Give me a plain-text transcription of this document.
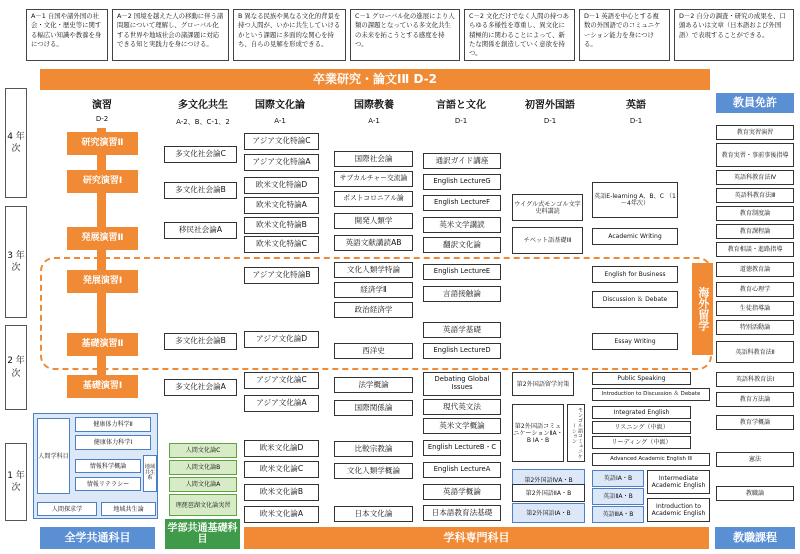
A－1 自国や諸外国の社会・文化・歴史等に関する幅広い知識や教養を身につける。
A－2 国境を越えた人の移動に伴う諸問題について理解し、グローバル化する世界や地域社会の諸課題に対応できる知と実践力を身につける。
B 異なる民族や異なる文化的背景を持つ人間が、いかに共生していけるかという課題に多面的な関心を持ち、自らの見解を形成できる。
C－1 グローバル化の進展により人類の課題となっている多文化共生の未来を拓こうとする感度を持つ。
C－2 文化だけでなく人間の持つあらゆる多様性を尊重し、異文化に積極的に関わることによって、新たな関係を創造していく意欲を持つ。
D－1 英語を中心とする複数の外国語でのコミュニケーション能力を身につける。
D－2 自分の調査・研究の成果を、口頭あるいは文章（日本語および外国語）で表現することができる。
卒業研究・論文ⅠⅡ D-2
4 年 次
3 年 次
2 年 次
1 年 次
演習
D-2
多文化共生
A-2、B、C-1、2
国際文化論
A-1
国際教養
A-1
言語と文化
D-1
初習外国語
D-1
英語
D-1
教員免許
研究演習Ⅱ
研究演習Ⅰ
発展演習Ⅱ
発展演習Ⅰ
基礎演習Ⅱ
基礎演習Ⅰ
多文化社会論C
多文化社会論B
移民社会論A
多文化社会論B
多文化社会論A
アジア文化特論C
アジア文化特論A
欧米文化特論D
欧米文化特論A
欧米文化特論B
欧米文化特論C
アジア文化特論B
アジア文化論D
アジア文化論C
アジア文化論A
欧米文化論D
欧米文化論C
欧米文化論B
欧米文化論A
国際社会論
サブカルチャー交流論
ポストコロニアル論
開発人類学
英語文献講読AB
文化人類学特論
経済学Ⅱ
政治経済学
西洋史
法学概論
国際関係論
比較宗教論
文化人類学概論
日本文化論
通訳ガイド講座
English LectureG
English LectureF
英米文学講読
翻訳文化論
English LectureE
言語接触論
英語学基礎
English LectureD
Debating Global Issues
現代英文法
英米文学概論
English LectureB・C
English LectureA
英語学概論
日本語教育法基礎
ウイグル式モンゴル文字史料講読
チベット語基礎ⅠⅡ
第2外国語留学対策
第2外国語コミュニケーションⅡA・B ⅠA・B	モンゴル語コミュニケーション
第2外国語ⅣA・B
第2外国語ⅡA・B
第2外国語ⅠA・B
英語E-learning A、B、C （1～4年次）
Academic Writing
English for Business
Discussion ＆ Debate
Essay Writing
Public Speaking
Introduction to Discussion ＆ Debate
Integrated English
リスニング（中級）
リーディング（中級）
Advanced Academic English ⅠⅡ
英語ⅠA・B
英語ⅡA・B
英語ⅢA・B
Intermediate Academic English
Introduction to Academic English
海外留学
教育実習演習
教育実習・事前事後指導
英語科教育法Ⅳ
英語科教育法Ⅲ
教育制度論
教育課程論
教育相談・進路指導
道徳教育論
教育心理学
生徒指導論
特別活動論
英語科教育法Ⅱ
英語科教育法Ⅰ
教育方法論
教育学概論
憲法
教職論
人間学科目
健康体力科学Ⅱ
健康体力科学Ⅰ
情報科学概論
情報リテラシー
地域共生系
人間探求学	地域共生論
人間文化論C
人間文化論B
人間文化論A
理琵琶湖文化論実習
全学共通科目
学部共通基礎科目	学科専門科目	教職課程
